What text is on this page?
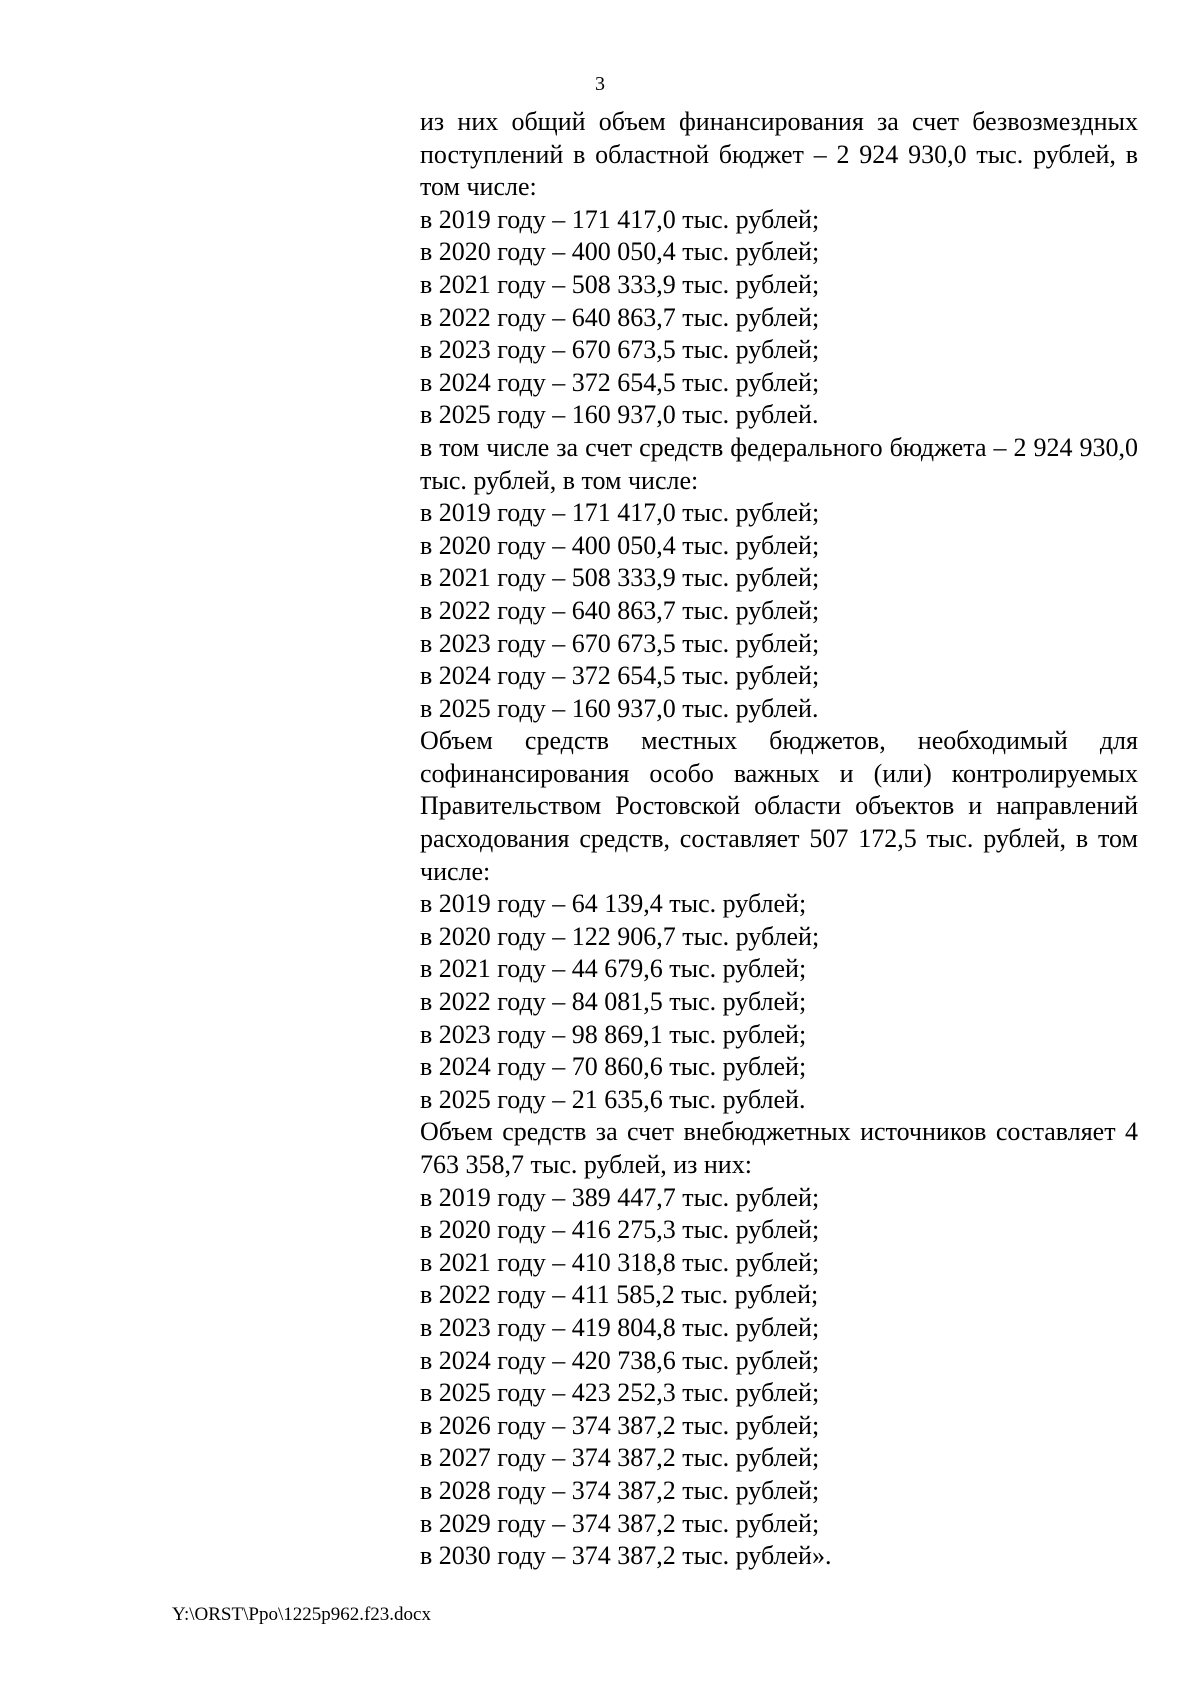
3
из них общий объем финансирования за счет безвозмездных поступлений в областной бюджет – 2 924 930,0 тыс. рублей, в том числе:
в 2019 году – 171 417,0 тыс. рублей;
в 2020 году – 400 050,4 тыс. рублей;
в 2021 году – 508 333,9 тыс. рублей;
в 2022 году – 640 863,7 тыс. рублей;
в 2023 году – 670 673,5 тыс. рублей;
в 2024 году – 372 654,5 тыс. рублей;
в 2025 году – 160 937,0 тыс. рублей.
в том числе за счет средств федерального бюджета – 2 924 930,0 тыс. рублей, в том числе:
в 2019 году – 171 417,0 тыс. рублей;
в 2020 году – 400 050,4 тыс. рублей;
в 2021 году – 508 333,9 тыс. рублей;
в 2022 году – 640 863,7 тыс. рублей;
в 2023 году – 670 673,5 тыс. рублей;
в 2024 году – 372 654,5 тыс. рублей;
в 2025 году – 160 937,0 тыс. рублей.
Объем средств местных бюджетов, необходимый для софинансирования особо важных и (или) контролируемых Правительством Ростовской области объектов и направлений расходования средств, составляет 507 172,5 тыс. рублей, в том числе:
в 2019 году – 64 139,4 тыс. рублей;
в 2020 году – 122 906,7 тыс. рублей;
в 2021 году – 44 679,6 тыс. рублей;
в 2022 году – 84 081,5 тыс. рублей;
в 2023 году – 98 869,1 тыс. рублей;
в 2024 году – 70 860,6 тыс. рублей;
в 2025 году – 21 635,6 тыс. рублей.
Объем средств за счет внебюджетных источников составляет 4 763 358,7 тыс. рублей, из них:
в 2019 году – 389 447,7 тыс. рублей;
в 2020 году – 416 275,3 тыс. рублей;
в 2021 году – 410 318,8 тыс. рублей;
в 2022 году – 411 585,2 тыс. рублей;
в 2023 году – 419 804,8 тыс. рублей;
в 2024 году – 420 738,6 тыс. рублей;
в 2025 году – 423 252,3 тыс. рублей;
в 2026 году – 374 387,2 тыс. рублей;
в 2027 году – 374 387,2 тыс. рублей;
в 2028 году – 374 387,2 тыс. рублей;
в 2029 году – 374 387,2 тыс. рублей;
в 2030 году – 374 387,2 тыс. рублей».
Y:\ORST\Ppo\1225p962.f23.docx
